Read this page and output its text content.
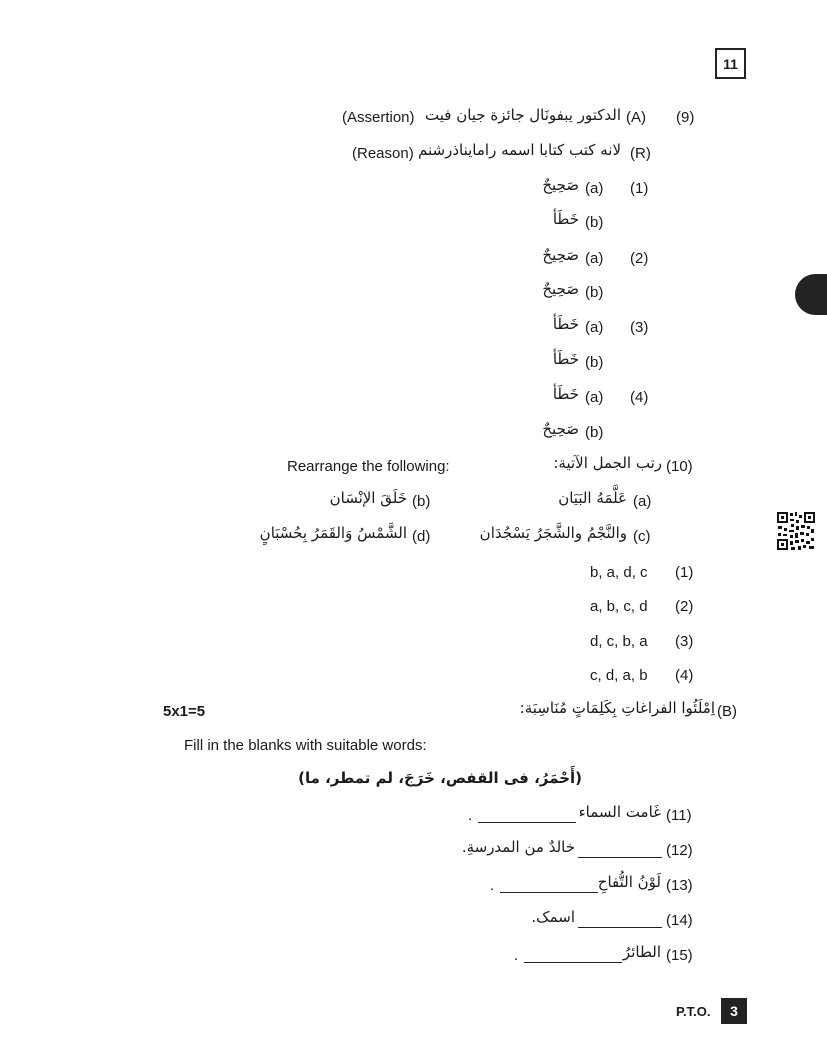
11
(9)
(A)
الدكتور يبفونَال جائزة جيان فيت
(Assertion)
(R)
لانه كتب كتابا اسمه رامايناذرشنم
(Reason)
(1)
(a)
صَحِيحٌ
(b)
خَطَأ
(2)
(a)
صَحِيحٌ
(b)
صَحِيحٌ
(3)
(a)
خَطَأ
(b)
خَطَأ
(4)
(a)
خَطَأ
(b)
صَحِيحٌ
(10)
رتب الجمل الآتية:
Rearrange the following:
(a)
عَلَّمَهُ البَيَان
(b)
خَلَقَ الإنْسَان
(c)
والنَّجْمُ والشَّجَرُ يَسْجُدَان
(d)
الشَّمْسُ وَالقَمَرُ بِحُسْبَانٍ
(1)
b, a, d, c
(2)
a, b, c, d
(3)
d, c, b, a
(4)
c, d, a, b
(B)
اِمْلَئُوا الفراغاتِ بِكَلِمَاتٍ مُنَاسِبَة:
5x1=5
Fill in the blanks with suitable words:
(أَحْمَرُ، فى القفص، خَرَجَ، لم تمطر، ما)
(11)
غَامت السماء
.
(12)
خالدٌ من المدرسةِ.
(13)
لَوْنُ التُّفاحِ
.
(14)
اسمک.
(15)
الطائرُ
.
P.T.O.	3
